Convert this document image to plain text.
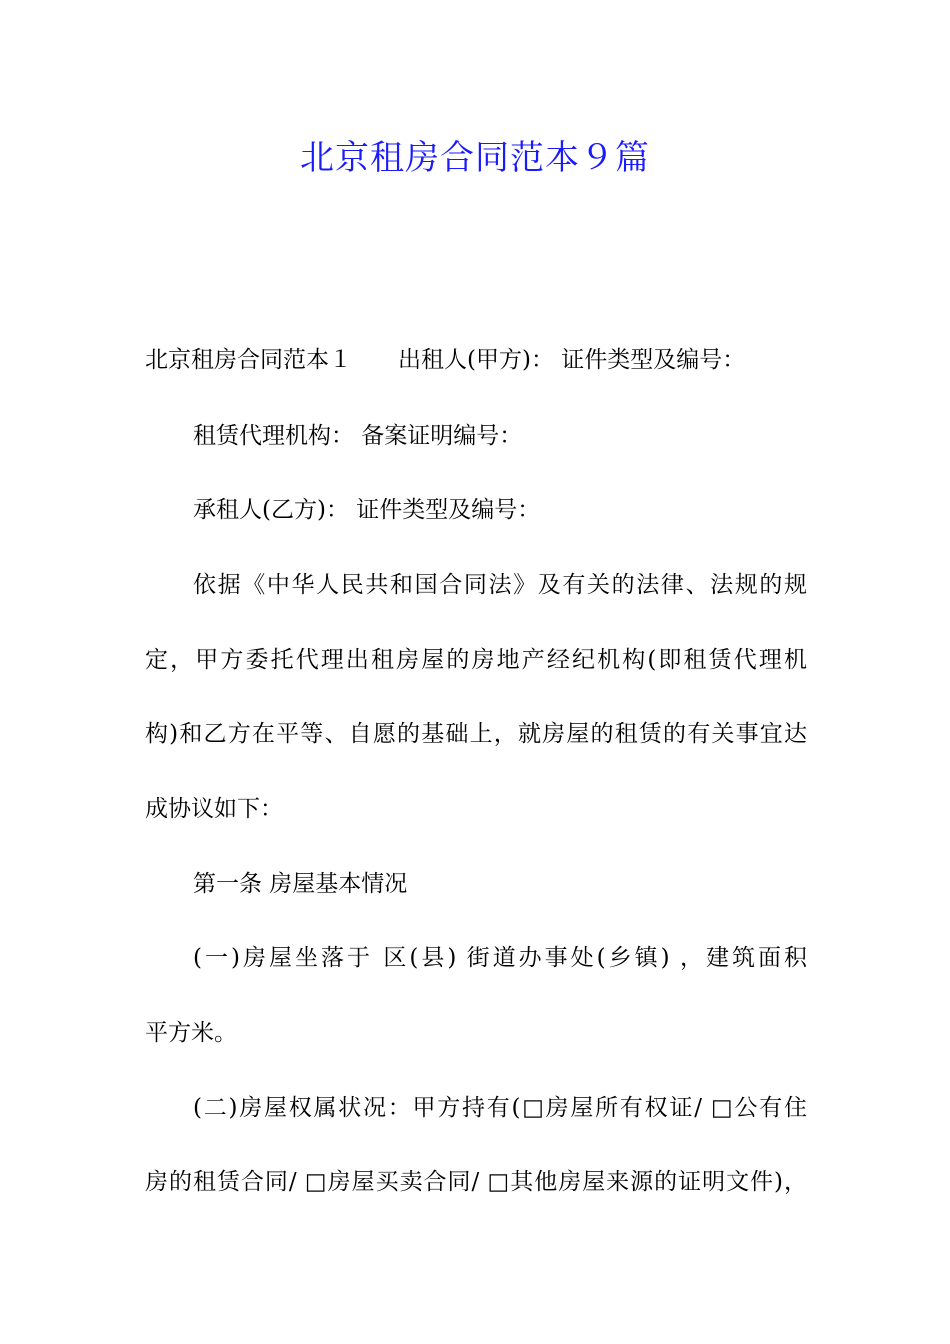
北京租房合同范本９篇

北京租房合同范本１ 出租人(甲方)： 证件类型及编号：

租赁代理机构： 备案证明编号：

承租人(乙方)： 证件类型及编号：

依据《中华人民共和国合同法》及有关的法律、法规的规

定，甲方委托代理出租房屋的房地产经纪机构(即租赁代理机

构)和乙方在平等、自愿的基础上，就房屋的租赁的有关事宜达

成协议如下：

第一条 房屋基本情况

(一)房屋坐落于 区(县) 街道办事处(乡镇) ，建筑面积

平方米。

(二)房屋权属状况：甲方持有(□房屋所有权证/ □公有住

房的租赁合同/ □房屋买卖合同/ □其他房屋来源的证明文件)，
